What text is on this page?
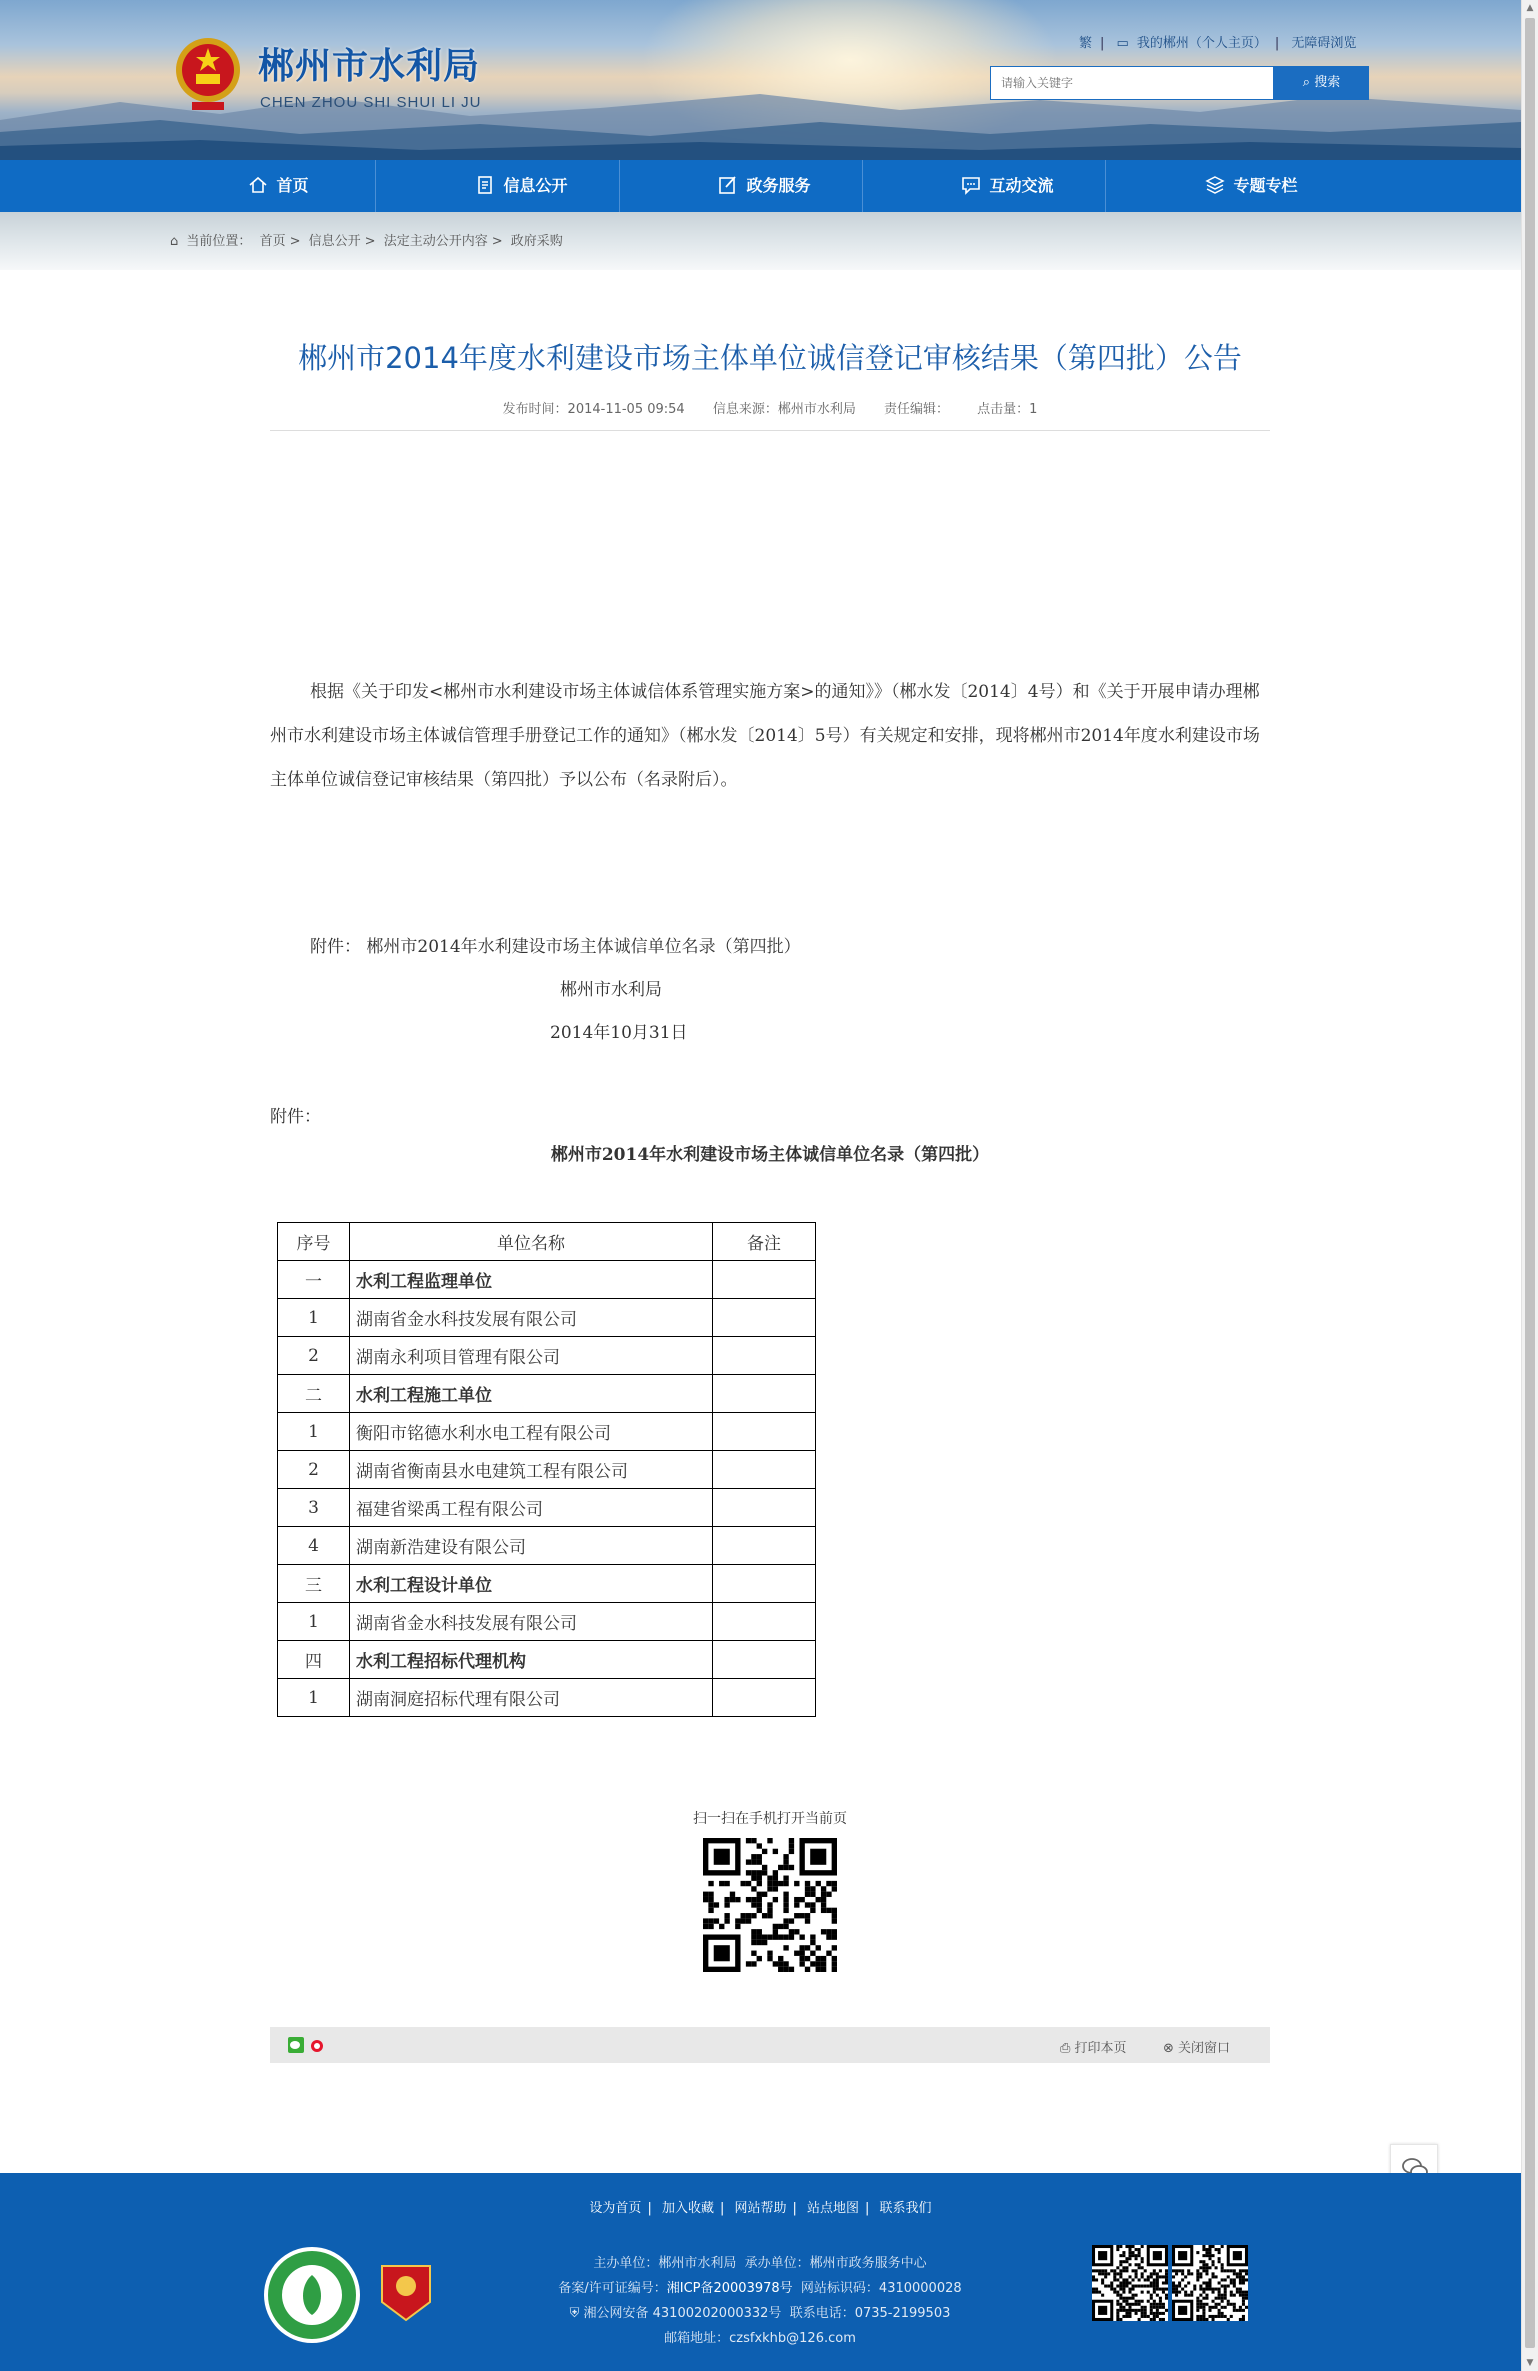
郴州市水利局
CHEN ZHOU SHI SHUI LI JU
繁 | ▭ 我的郴州（个人主页） | 无障碍浏览
请输入关键字
⌕ 搜索
首页	信息公开	政务服务	互动交流	专题专栏
⌂ 当前位置： 首页 > 信息公开 > 法定主动公开内容 > 政府采购
郴州市2014年度水利建设市场主体单位诚信登记审核结果（第四批）公告
发布时间：2014-11-05 09:54 信息来源：郴州市水利局 责任编辑： 点击量：1
根据《关于印发<郴州市水利建设市场主体诚信体系管理实施方案>的通知》》（郴水发〔2014〕4号）和《关于开展申请办理郴州市水利建设市场主体诚信管理手册登记工作的通知》（郴水发〔2014〕5号）有关规定和安排，现将郴州市2014年度水利建设市场主体单位诚信登记审核结果（第四批）予以公布（名录附后）。
附件： 郴州市2014年水利建设市场主体诚信单位名录（第四批）
郴州市水利局
2014年10月31日
附件：
郴州市2014年水利建设市场主体诚信单位名录（第四批）
序号	单位名称	备注
一	水利工程监理单位	
1	湖南省金水科技发展有限公司	
2	湖南永利项目管理有限公司	
二	水利工程施工单位	
1	衡阳市铭德水利水电工程有限公司	
2	湖南省衡南县水电建筑工程有限公司	
3	福建省梁禹工程有限公司	
4	湖南新浩建设有限公司	
三	水利工程设计单位	
1	湖南省金水科技发展有限公司	
四	水利工程招标代理机构	
1	湖南洞庭招标代理有限公司	
扫一扫在手机打开当前页

⎙ 打印本页	⊗ 关闭窗口
设为首页 | 加入收藏 | 网站帮助 | 站点地图 | 联系我们
主办单位：郴州市水利局 承办单位：郴州市政务服务中心
备案/许可证编号：湘ICP备20003978号 网站标识码：4310000028
⛨ 湘公网安备 43100202000332号 联系电话：0735-2199503
邮箱地址：czsfxkhb@126.com
▲
▼
